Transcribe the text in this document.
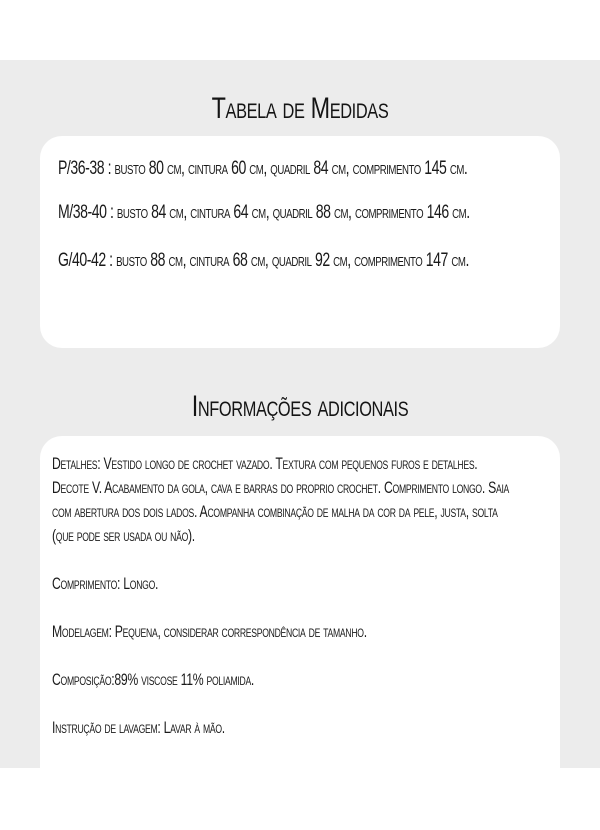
Tabela de Medidas
P/36-38 : busto 80 cm, cintura 60 cm, quadril 84 cm, comprimento 145 cm.
M/38-40 : busto 84 cm, cintura 64 cm, quadril 88 cm, comprimento 146 cm.
G/40-42 : busto 88 cm, cintura 68 cm, quadril 92 cm, comprimento 147 cm.
Informações adicionais

Detalhes: Vestido longo de crochet vazado. Textura com pequenos furos e detalhes. Decote V. Acabamento da gola, cava e barras do proprio crochet. Comprimento longo. Saia com abertura dos dois lados. Acompanha combinação de malha da cor da pele, justa, solta (que pode ser usada ou não).

Comprimento: Longo.

Modelagem: Pequena, considerar correspondência de tamanho.

Composição:89% viscose 11% poliamida.

Instrução de lavagem: Lavar à mão.
